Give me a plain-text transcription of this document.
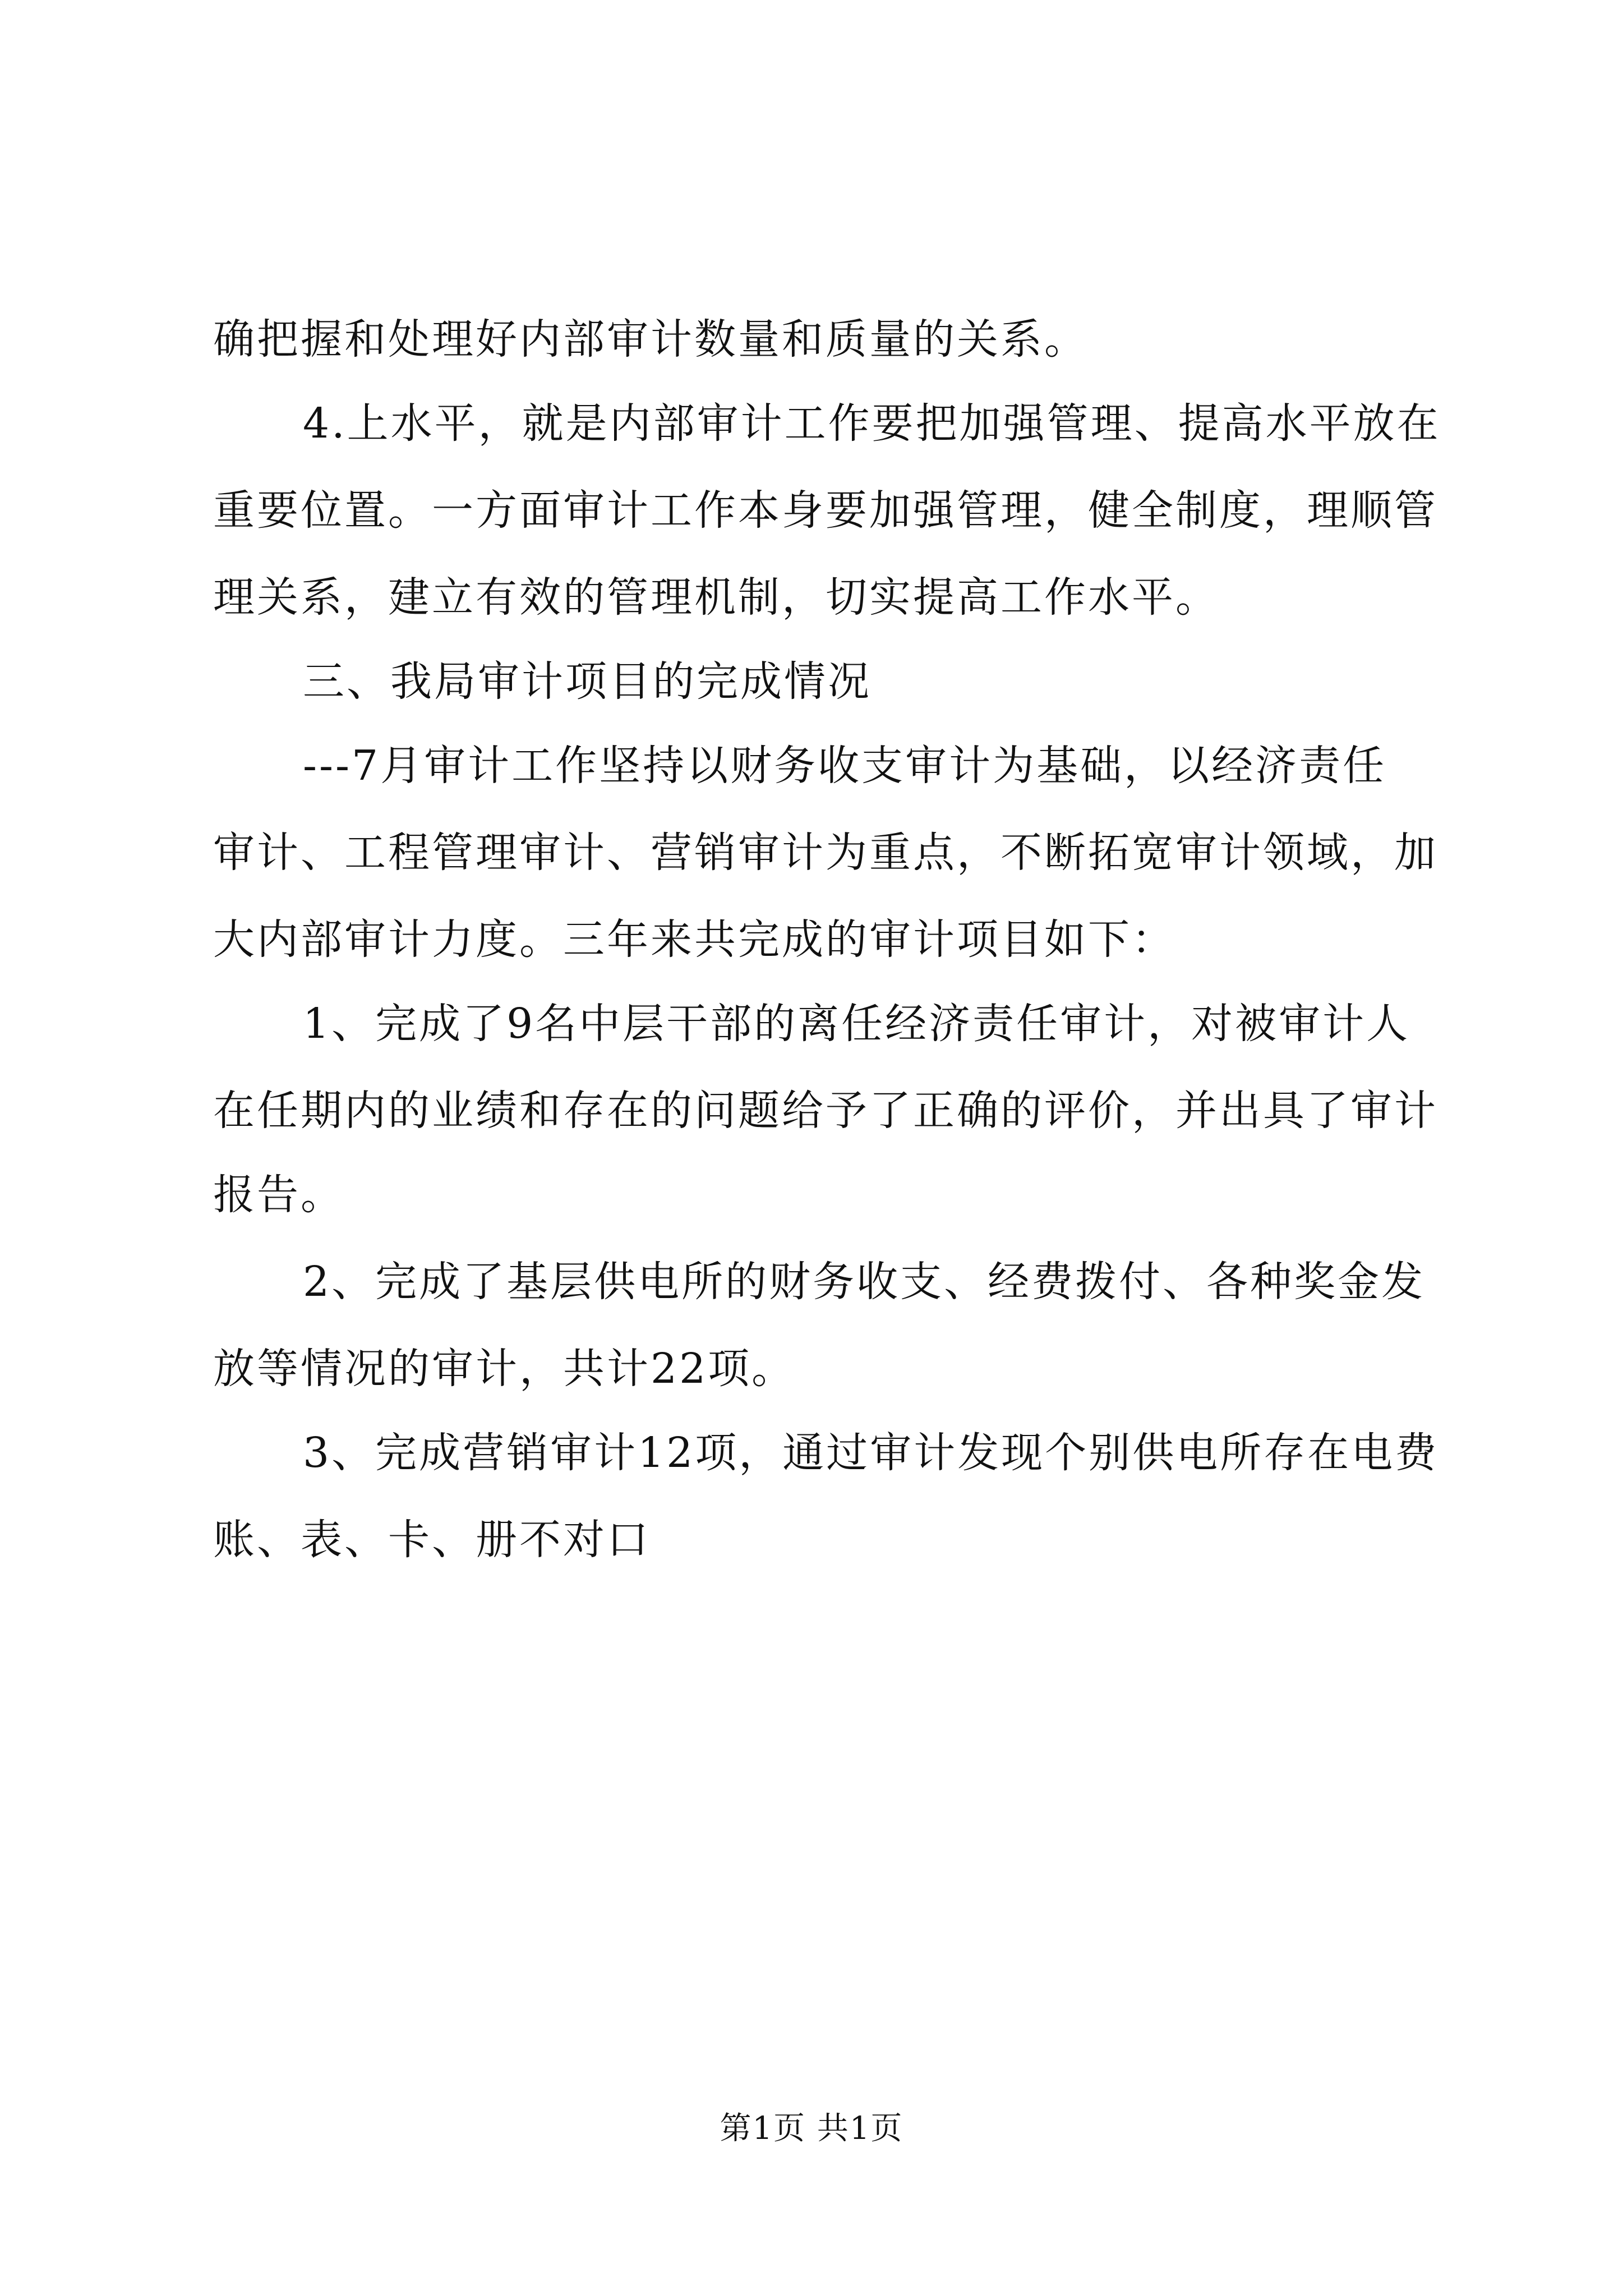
确把握和处理好内部审计数量和质量的关系。
4.上水平，就是内部审计工作要把加强管理、提高水平放在
重要位置。一方面审计工作本身要加强管理，健全制度，理顺管
理关系，建立有效的管理机制，切实提高工作水平。
三、我局审计项目的完成情况
---7月审计工作坚持以财务收支审计为基础，以经济责任
审计、工程管理审计、营销审计为重点，不断拓宽审计领域，加
大内部审计力度。三年来共完成的审计项目如下：
1、完成了9名中层干部的离任经济责任审计，对被审计人
在任期内的业绩和存在的问题给予了正确的评价，并出具了审计
报告。
2、完成了基层供电所的财务收支、经费拨付、各种奖金发
放等情况的审计，共计22项。
3、完成营销审计12项，通过审计发现个别供电所存在电费
账、表、卡、册不对口
第1页 共1页
